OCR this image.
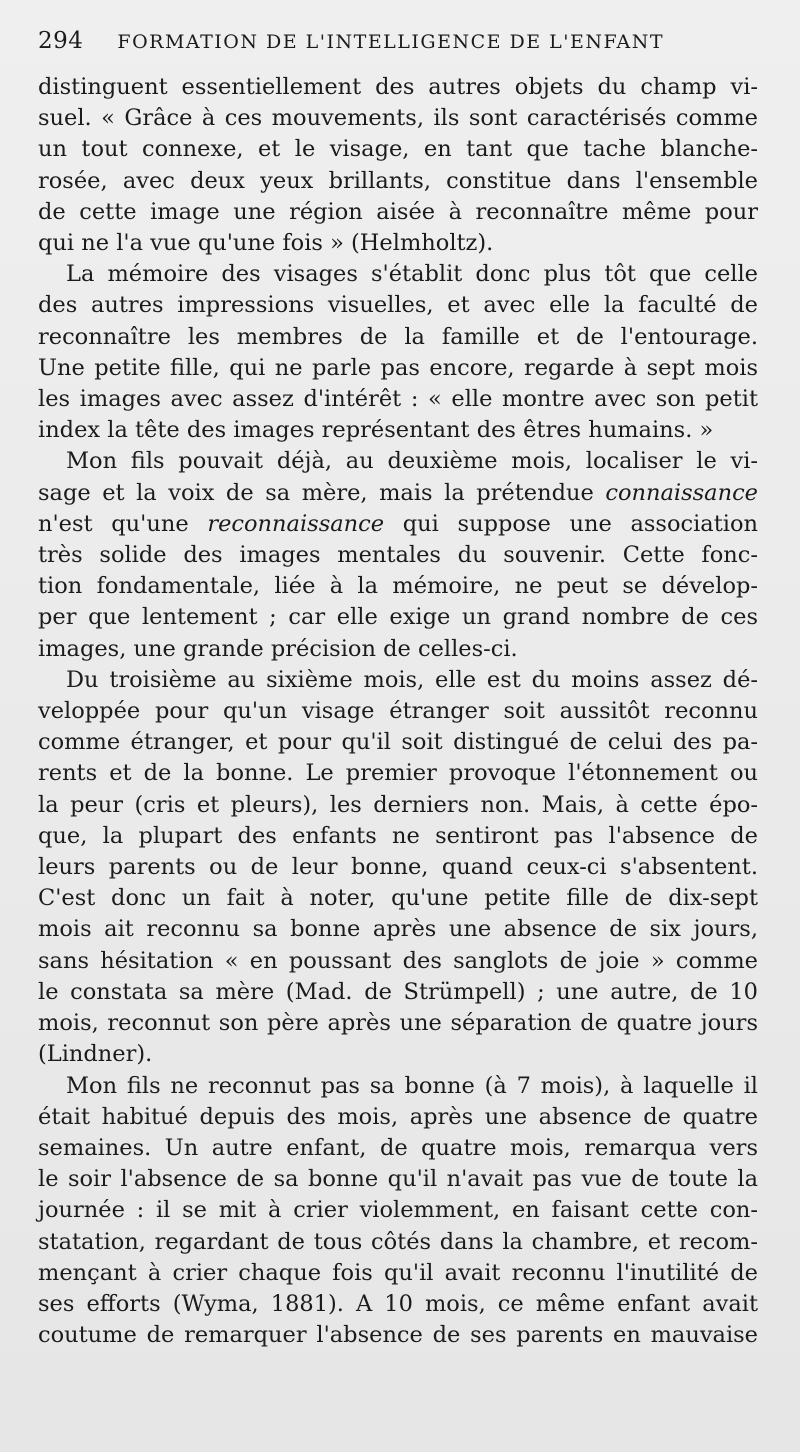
294 FORMATION DE L'INTELLIGENCE DE L'ENFANT
distinguent essentiellement des autres objets du champ vi-
suel. « Grâce à ces mouvements, ils sont caractérisés comme
un tout connexe, et le visage, en tant que tache blanche-
rosée, avec deux yeux brillants, constitue dans l'ensemble
de cette image une région aisée à reconnaître même pour
qui ne l'a vue qu'une fois » (Helmholtz).
La mémoire des visages s'établit donc plus tôt que celle
des autres impressions visuelles, et avec elle la faculté de
reconnaître les membres de la famille et de l'entourage.
Une petite fille, qui ne parle pas encore, regarde à sept mois
les images avec assez d'intérêt : « elle montre avec son petit
index la tête des images représentant des êtres humains. »
Mon fils pouvait déjà, au deuxième mois, localiser le vi-
sage et la voix de sa mère, mais la prétendue connaissance
n'est qu'une reconnaissance qui suppose une association
très solide des images mentales du souvenir. Cette fonc-
tion fondamentale, liée à la mémoire, ne peut se dévelop-
per que lentement ; car elle exige un grand nombre de ces
images, une grande précision de celles-ci.
Du troisième au sixième mois, elle est du moins assez dé-
veloppée pour qu'un visage étranger soit aussitôt reconnu
comme étranger, et pour qu'il soit distingué de celui des pa-
rents et de la bonne. Le premier provoque l'étonnement ou
la peur (cris et pleurs), les derniers non. Mais, à cette épo-
que, la plupart des enfants ne sentiront pas l'absence de
leurs parents ou de leur bonne, quand ceux-ci s'absentent.
C'est donc un fait à noter, qu'une petite fille de dix-sept
mois ait reconnu sa bonne après une absence de six jours,
sans hésitation « en poussant des sanglots de joie » comme
le constata sa mère (Mad. de Strümpell) ; une autre, de 10
mois, reconnut son père après une séparation de quatre jours
(Lindner).
Mon fils ne reconnut pas sa bonne (à 7 mois), à laquelle il
était habitué depuis des mois, après une absence de quatre
semaines. Un autre enfant, de quatre mois, remarqua vers
le soir l'absence de sa bonne qu'il n'avait pas vue de toute la
journée : il se mit à crier violemment, en faisant cette con-
statation, regardant de tous côtés dans la chambre, et recom-
mençant à crier chaque fois qu'il avait reconnu l'inutilité de
ses efforts (Wyma, 1881). A 10 mois, ce même enfant avait
coutume de remarquer l'absence de ses parents en mauvaise
